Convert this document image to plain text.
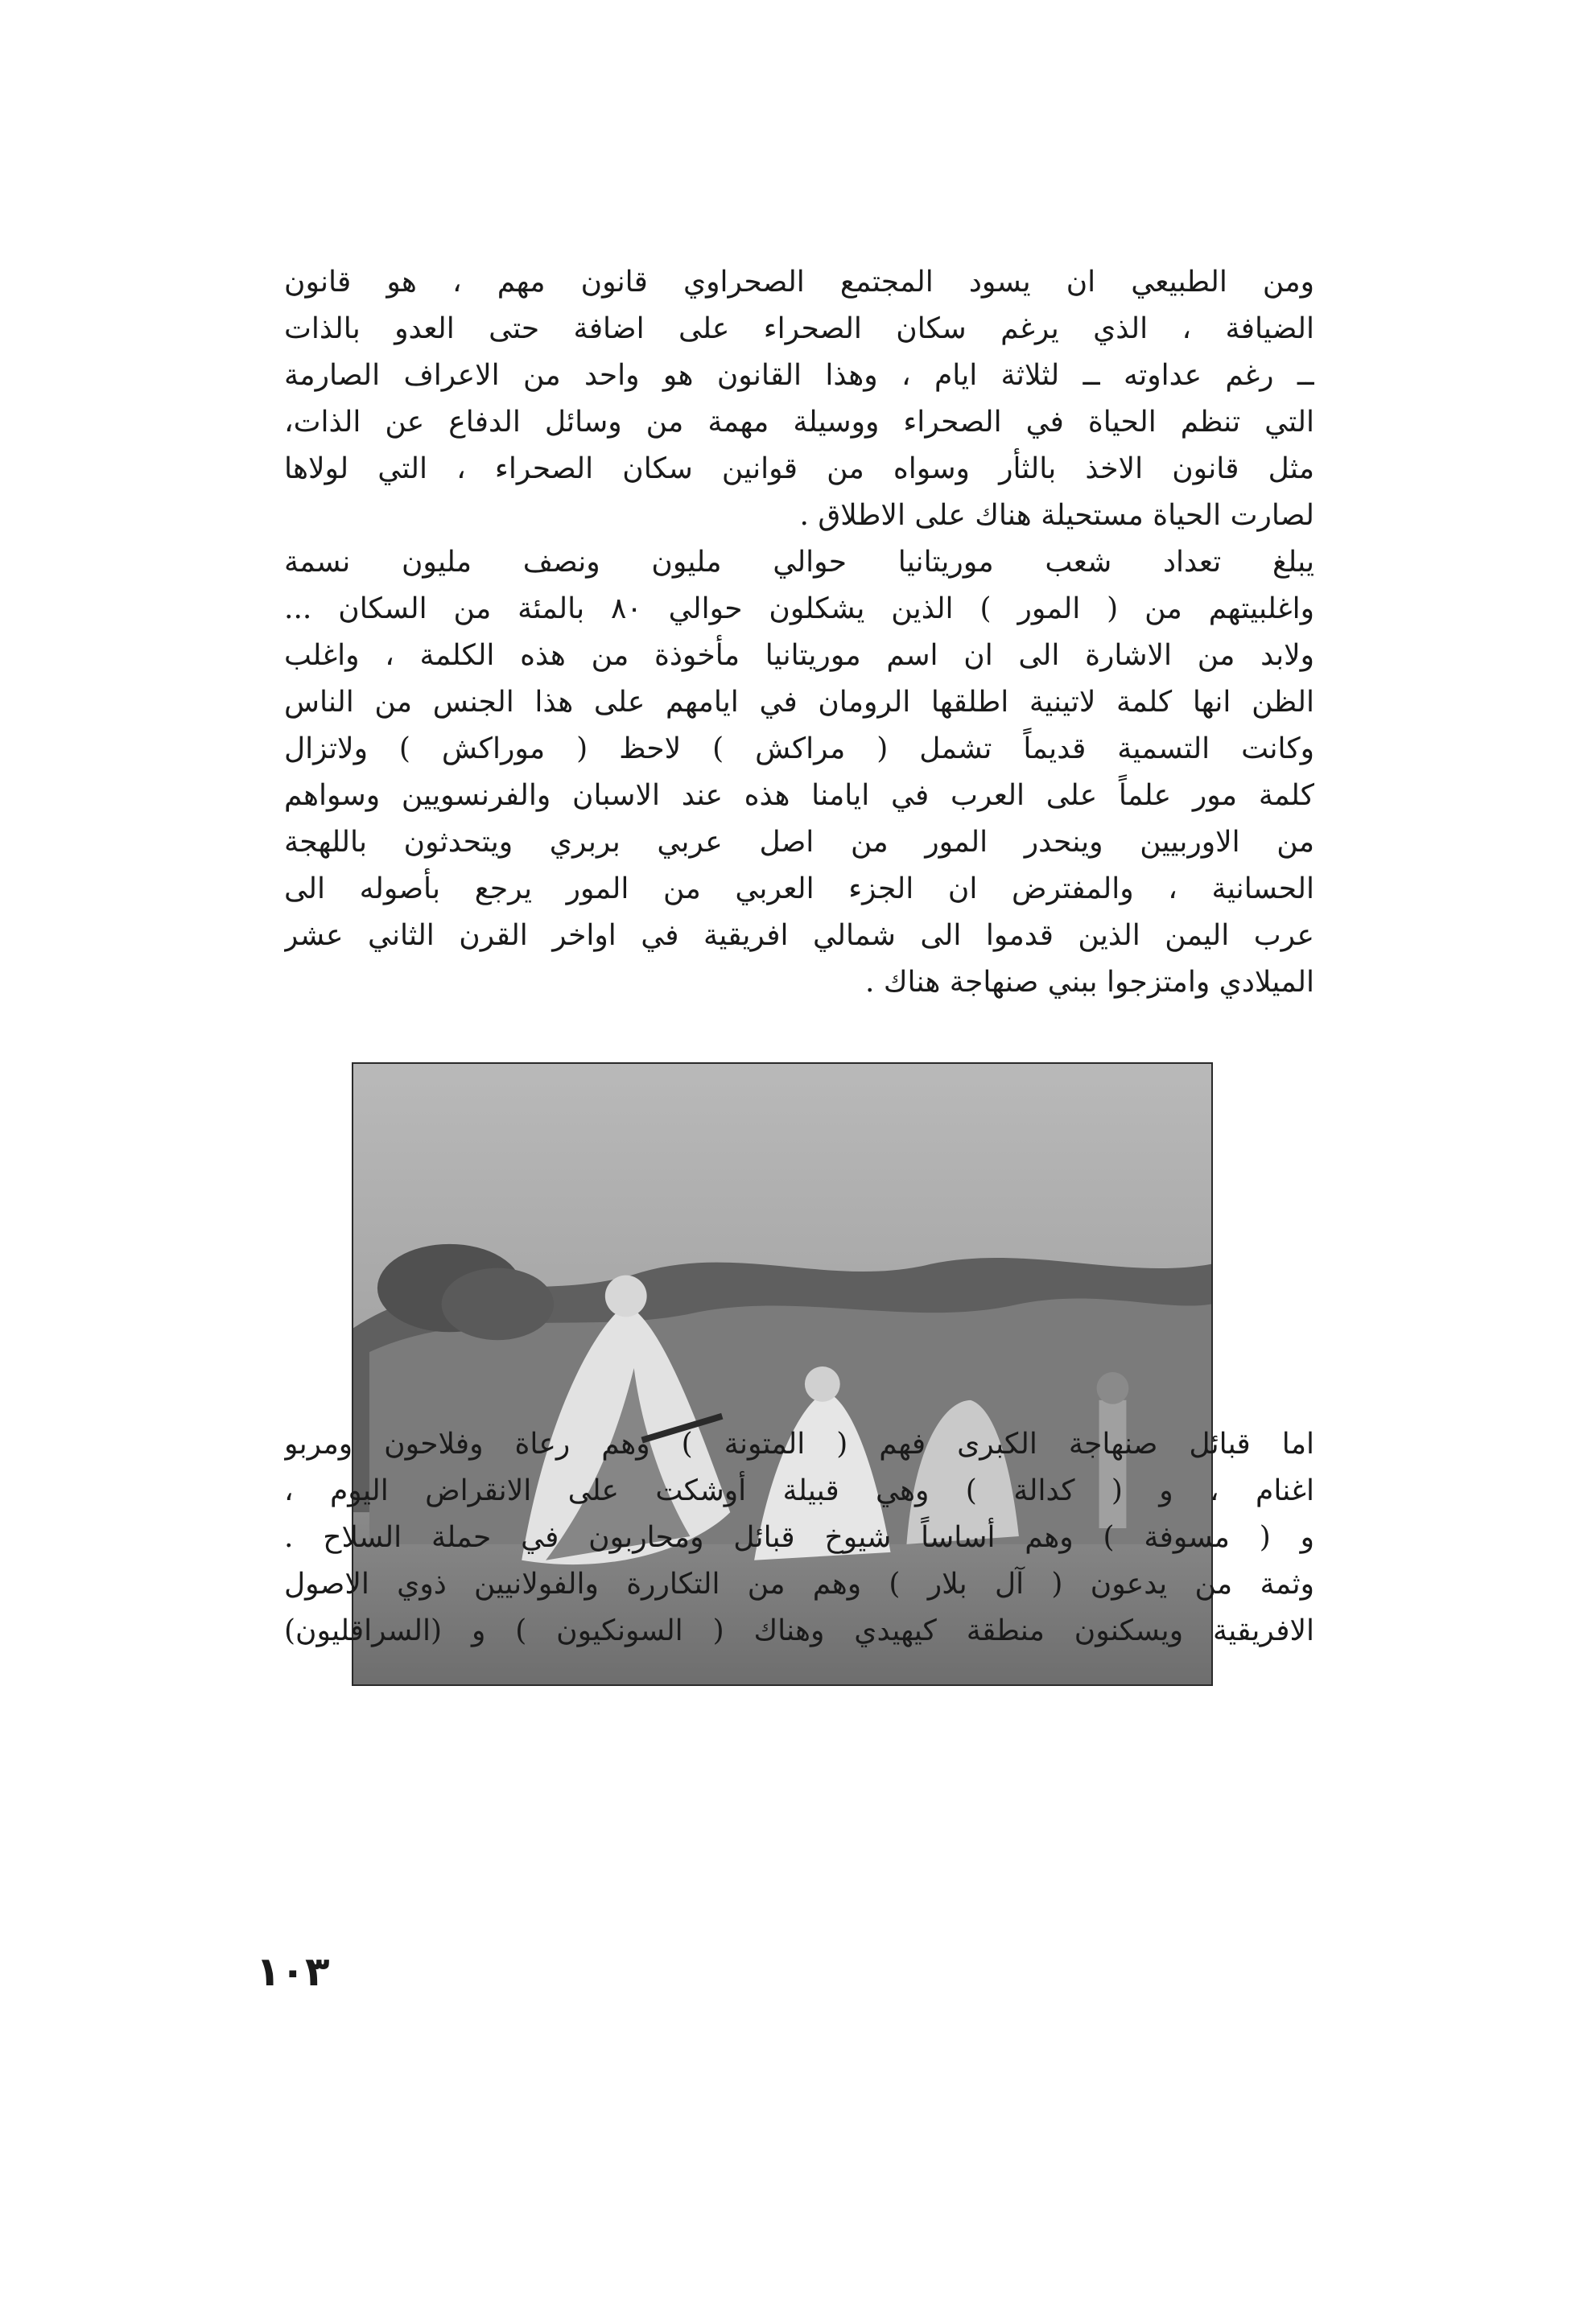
ومن الطبيعي ان يسود المجتمع الصحراوي قانون مهم ، هو قانون
الضيافة ، الذي يرغم سكان الصحراء على اضافة حتى العدو بالذات
ــ رغم عداوته ــ لثلاثة ايام ، وهذا القانون هو واحد من الاعراف الصارمة
التي تنظم الحياة في الصحراء ووسيلة مهمة من وسائل الدفاع عن الذات،
مثل قانون الاخذ بالثأر وسواه من قوانين سكان الصحراء ، التي لولاها
لصارت الحياة مستحيلة هناك على الاطلاق .
يبلغ تعداد شعب موريتانيا حوالي مليون ونصف مليون نسمة
واغلبيتهم من ( المور ) الذين يشكلون حوالي ٨٠ بالمئة من السكان ...
ولابد من الاشارة الى ان اسم موريتانيا مأخوذة من هذه الكلمة ، واغلب
الظن انها كلمة لاتينية اطلقها الرومان في ايامهم على هذا الجنس من الناس
وكانت التسمية قديماً تشمل ( مراكش ) لاحظ ( موراكش ) ولاتزال
كلمة مور علماً على العرب في ايامنا هذه عند الاسبان والفرنسويين وسواهم
من الاوربيين وينحدر المور من اصل عربي بربري ويتحدثون باللهجة
الحسانية ، والمفترض ان الجزء العربي من المور يرجع بأصوله الى
عرب اليمن الذين قدموا الى شمالي افريقية في اواخر القرن الثاني عشر
الميلادي وامتزجوا ببني صنهاجة هناك .
اما قبائل صنهاجة الكبرى فهم ( المتونة ) وهم رعاة وفلاحون ومربو
اغنام ، و ( كدالة ) وهي قبيلة أوشكت على الانقراض اليوم ،
و ( مسوفة ) وهم أساساً شيوخ قبائل ومحاربون في حملة السلاح .
وثمة من يدعون ( آل بلار ) وهم من التكاررة والفولانيين ذوي الاصول
الافريقية ويسكنون منطقة كيهيدي وهناك ( السونكيون ) و (السراقليون)
١٠٣
